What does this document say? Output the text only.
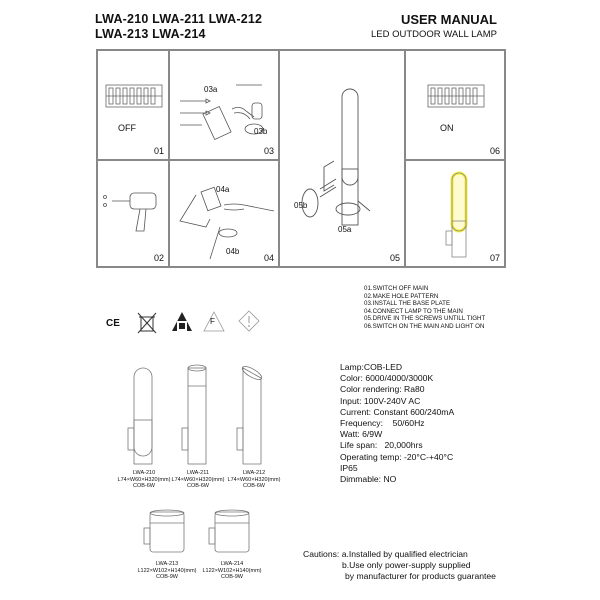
LWA-210 LWA-211 LWA-212
LWA-213 LWA-214
USER MANUAL
LED OUTDOOR WALL LAMP
OFF
01
03a
03b
03
05b
05a
05
ON
06
02
04a
04b
04	07
01.SWITCH OFF MAIN
02.MAKE HOLE PATTERN
03.INSTALL THE BASE PLATE
04.CONNECT LAMP TO THE MAIN
05.DRIVE IN THE SCREWS UNTILL TIGHT
06.SWITCH ON THE MAIN AND LIGHT ON
CE	F
LWA-210
L74×W60×H320(mm)
COB-6W
LWA-211
L74×W60×H320(mm)
COB-6W
LWA-212
L74×W60×H320(mm)
COB-6W
LWA-213
L122×W102×H140(mm)
COB-9W
LWA-214
L122×W102×H140(mm)
COB-9W
Lamp:COB-LED
Color: 6000/4000/3000K
Color rendering: Ra80
Input: 100V-240V AC
Current: Constant 600/240mA
Frequency: 50/60Hz
Watt: 6/9W
Life span: 20,000hrs
Operating temp: -20°C-+40°C
IP65
Dimmable: NO
Cautions: a.Installed by qualified electrician
b.Use only power-supply supplied
by manufacturer for products guarantee
